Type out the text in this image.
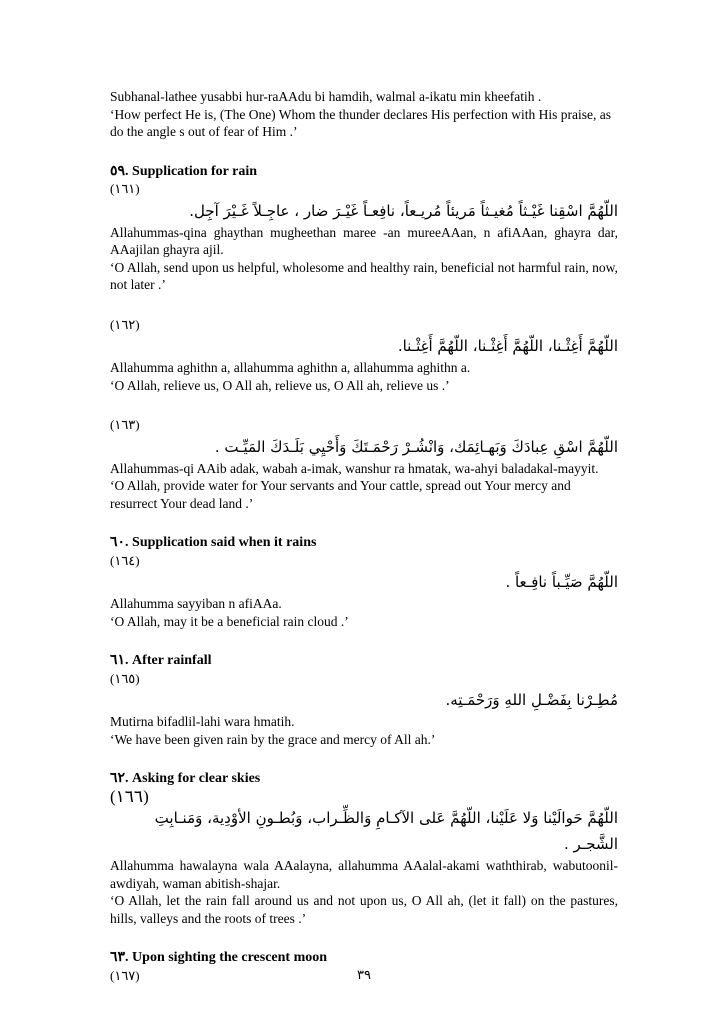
Subhanal-lathee yusabbi hur-raAAdu bi hamdih, walmal a-ikatu min kheefatih .

‘How perfect He is, (The One) Whom the thunder declares His perfection with His praise, as do the angle s out of fear of Him .’

٥٩. Supplication for rain

(١٦١)

اللّهُمَّ اسْقِنا غَيْـثاً مُغيـثاً مَريئاً مُريـعاً، نافِعـاً غَيْـرَ ضار ، عاجِـلاً غَـيْرَ آجِل.

Allahummas-qina ghaythan mugheethan maree -an mureeAAan, n afiAAan, ghayra dar, AAajilan ghayra ajil.

‘O Allah, send upon us helpful, wholesome and healthy rain, beneficial not harmful rain, now, not later .’

(١٦٢)

اللّهُمَّ أَغِثْـنا، اللّهُمَّ أَغِثْـنا، اللّهُمَّ أَغِثْـنا.

Allahumma aghithn a, allahumma aghithn a, allahumma aghithn a.

‘O Allah, relieve us, O All ah, relieve us, O All ah, relieve us .’

(١٦٣)

اللّهُمَّ اسْقِ عِبادَكَ وَبَهـائِمَك، وَانْشُـرْ رَحْمَـتَكَ وَأَحْيِي بَلَـدَكَ المَيِّـت .

Allahummas-qi AAib adak, wabah a-imak, wanshur ra hmatak, wa-ahyi baladakal-mayyit.

‘O Allah, provide water for Your servants and Your cattle, spread out Your mercy and resurrect Your dead land .’

٦٠. Supplication said when it rains

(١٦٤)

اللّهُمَّ صَيِّـباً نافِـعاً .

Allahumma sayyiban n afiAAa.

‘O Allah, may it be a beneficial rain cloud .’

٦١. After rainfall

(١٦٥)

مُطِـرْنا بِفَضْـلِ اللهِ وَرَحْمَـتِه.

Mutirna bifadlil-lahi wara hmatih.

‘We have been given rain by the grace and mercy of All ah.’

٦٢. Asking for clear skies

(١٦٦)

اللّهُمَّ حَوالَيْنا وَلا عَلَيْنا، اللّهُمَّ عَلى الآكـامِ وَالظِّـراب، وَبُطـونِ الأوْدِية، وَمَنـابِتِ الشَّجـر .

Allahumma hawalayna wala AAalayna, allahumma AAalal-akami waththirab, wabutoonil-awdiyah, waman abitish-shajar.

‘O Allah, let the rain fall around us and not upon us, O All ah, (let it fall) on the pastures, hills, valleys and the roots of trees .’

٦٣. Upon sighting the crescent moon

(١٦٧)	٣٩
